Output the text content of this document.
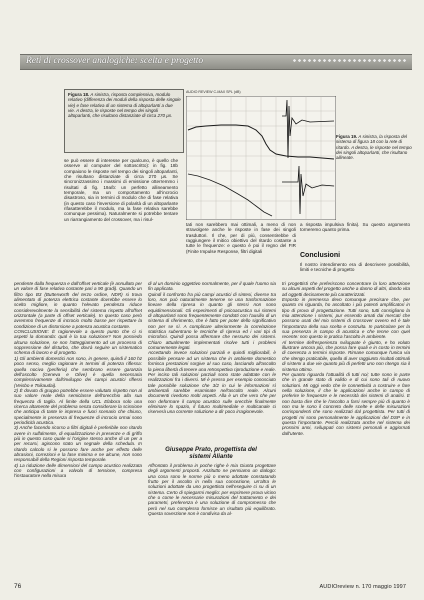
Reti di crossover analogiche: scelta e progetto
Figura 18. A sinistra, risposta complessiva, modulo relativo (differenza dei moduli della risposta delle singole vie) e fase relativa di un sistema di altoparlanti a due vie. A destra, le risposte nel tempo dei singoli altoparlanti, che risultano distanziate di circa 270 µs.
AUDIO REVIEW C-MAX SPL (dB)
Figura 19. A sinistra, la risposta del sistema di figura 18 con la rete di ritardo. A destra, le risposte nel tempo dei singoli altoparlanti, che risultano allineate.
se può essere di interesse per qualcuno, è quello che osserve al computer del sottoscritto): in fig. 18b compaiono le risposte nel tempo dei singoli altoparlanti, che risultano distanziate di circa 270 µs. Se sincronizzassimo i massimi di emissione otterremmo i risultati di fig. 19a/b: un perfetto allineamento temporale, ma un comportamento all'incrocio disastroso, sia in termini di modulo che di fase relativa (in questo caso l'inversione di polarità di un altoparlante rifasatterebbe il modulo, ma la fase relativa sarebbe comunque pessima). Naturalmente si potrebbe tentare un riarrangiamento del crossover, ma i risul-
tati non sarebbero mai ottimali, a meno di non stravolgere anche le risposte in fase dei singoli trasduttori. Il che, per di più, consentirebbe di raggiungere il mitico obiettivo del ritardo costante a tutte le frequenze: e questo è poi il regno del FIR (Finite Impulse Response, filtri digitali
a risposta impulsiva finita). Su questo argomento torneremo quanto prima.
Conclusioni
Il nostro intendimento era di descrivere possibilità, limiti e tecniche di progetto
pendente dalla frequenza e dall'offset verticale (è annullato per un valore di fase relativa costante pari a 90 gradi). Quando un filtro tipo B3 (Butterworth del terzo ordine, NDR) si trova alimentato di potenza elettrica costante dovrebbe essere lo scelto migliore, in quanto l'elevato pendenza riduce considerevolmente la sensibilità del sistema rispetto all'offset orizzontale (a parte di offset verticale). In questo caso però avremmo frequenze di incrocio molto basse per rispettare la condizione di un distorsione a potenza acustica costante.
CONCLUSIONE: È ragionevole a questo punto che ci si aspetti la domanda: qual è la tua soluzione? Non possiedo alcuna soluzione, se non l'atteggiamento ad un processo di soppressione del disturbo, che dovrà seguire un sistematico schema di lavoro e di progetto.
1) Gli ambienti domestici non sono, in genere, quindi il 160 hz poco senso, meglio ragionare in termini di potenza riflessa: quella nociva (periferia) che sembrano essere garanzia dell'ascolto (Geneva e Olive) è quella necessaria complessivamente dall'inviluppo dei campi acustici riflessi (Veisbo e Tsikaudai).
2) È dovuto di gruppo potrebbe essere valutato rispetto non al suo valore reale della semiclasse dell'orecchio alla sua frequenza di taglio. Al limite della UCL Elabora solo una ricerca altamente del problema senza considerare la scissione che anticipa di tante le impresa e fuori scenario che chiuso, specialmente in presenza di frequenze di incrocio ormai sono periodicità acustica.
3) Anche facendo ricorso a filtri digitali è preferibile non ritardo avere in sulfalmente, di equalizzazione in presenze e di griffo più in questo caso quale si l'origine stesso anche di un per a per recarsi, agiscono stato un segnale della schedula. In ritardo calcolo si le possono fare anche per effetto delle abrasioni, correzioni e la fase minima e ne alcune, non sono responsabili della Regioni risposta temporale.
4) La riduzione delle dimensioni del campo acustico realizzata con configurazioni a valvola di tensione, compresa l'instauratore nella misura
di al un dominio oggettivo normalmente, per il quale l'uomo sia fin applicata.
Quindi il confronto fra più campi acustici di sintesi, diverse tra loro, non può naturalmente tenerne se una trasformazione lineare della ripresa in quanto gli stessi non sono equidimensionali. Gli esperimenti di psicoacustica sui sistemi di altoparlanti sono frequentemente condotti con l'ausilio di un sistema di riferimento, che è fatto per poter dello significativo non per se sì. A complicare ulteriormente la correlazione statistica subentrano le tecniche di ripresa ed i vari tipi di microfoni. Quindi possa affermare che nessuno dei sistemi. Chiaro attualmente implementati risolve tutti i problemi comunemente legati.
Accettando invece soluzioni parziali e quindi migliorabili, è possibile pensare ad un sistema che in ambiente domestico fornisca prestazioni sorgive al suo caso, lasciando all'ascolto la piena libertà di tenere una retrospettiva riproduzione e reale. Per inciso tali soluzioni parziali sono state adattate con le realizzazioni fra i diversi. Mi è presso per esempio conosciuto tale possibile soluzione che 3/2 in cui le informazioni sì ambientali sarebbe esaminate nell'ascolto reale. Alcuni documenti rivedono molti aspetti. Alla è un che vero che per non deformare il campo acustico sulle orecchie finalmente eliminare lo spazio, il futuro multimediale e multicanale ci riserverà una corrente soluzione a dir poco irragionevole.
Giuseppe Prato, progettista del sistemi Aliante
Affrontato il problema in poche righe è mia Giunta progettare degli argomenti proposti. Anzitutto ne pensiamo un dialogo: una cosa sono le norme più o meno adottate constatando frutto per il ascolto in nella sua concezione, un'altra le soluzioni adottate da uno progettista nell'eseguire ci su di un sistema. Certo di spiegarmi meglio: per esprimere prova vicino che o come le necessarie misurazioni del trattamento e dei parametri, preferenza è una soluzione di compromesso che però nel suo complesso fornisce un risultato più equilibrato. Questa soverzione non è condivisa da al-
tri progettisti che preferiscono concentrare la loro attenzione su alcuni aspetti del progetto anche a danno di altri, dando vita ad oggetti decisamente più caratterizzati.
Esposto in premessa devo comunque precisare che, per quanto mi riguarda, ho ascoltato i più potenti amplificatori in tipo di prova di progettazione. Tutti sono, tutti consigliano la mia attenzione i sistemi, pur essendo amati dai mercati che possono usati del mio sistemi di crossover ovvero ed è tale l'importanza della sua scelta e costruita. In particolare per la sua presenza in campo di acustica e che tenne con quel recente: non questo in pratica l'ascolto in ambiente.
Al termine dell'esperienza sviluppate è giunto, e ho voluto illustrare ancora più, che possa fare quali e in costo in termini di coerenza a termini risposte. Rimane comunque l'unica via che ritengo praticabile, quella di aver raggiunto risultati ottimali di sistemi a due vie quanto più di perfetti uno non ritengo sia il sistema ottimo.
Per quanto riguarda l'attualità di tutti noi; tutte sono in parte che in grande stato di valido e di cui sono tali di nuovo soluzioni. Mi oggi vedo che le connettività a costruire e fare nella soluzione, il che le applicazioni anche in campo di preferire le frequenze e le necessità dei sistemi di analisi. E non basta dire che le l'ascolto a farsi sempre più di quanto è non ma le sono il concreto delle scelte e delle misurazioni corrispondenti che sono realizzati dal progettista. Per tutti di progetti mi sono personalmente le applicazioni del DSP e in questa l'importante. Perciò realizzata anche nel sistema dei prossimi anni, sviluppati con sistemi personali e aggiornati dall'utente.
76	AUDIOreview n. 170 maggio 1997
